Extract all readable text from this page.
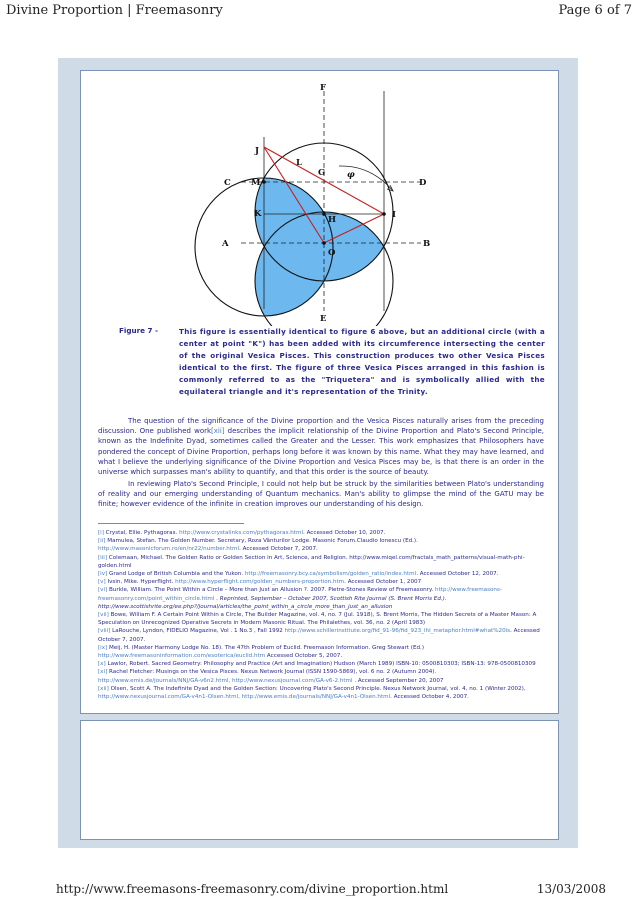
Divine Proportion | Freemasonry	Page 6 of 7
F
J
L
G	φ
C M	D
K
H	I
A	B
O
E
Figure 7 -	This figure is essentially identical to figure 6 above, but an additional circle (with a center at point "K") has been added with its circumference intersecting the center of the original Vesica Pisces. This construction produces two other Vesica Pisces identical to the first. The figure of three Vesica Pisces arranged in this fashion is commonly referred to as the "Triquetera" and is symbolically allied with the equilateral triangle and it's representation of the Trinity.

The question of the significance of the Divine proportion and the Vesica Pisces naturally arises from the preceding discussion. One published work[xii] describes the implicit relationship of the Divine Proportion and Plato's Second Principle, known as the Indefinite Dyad, sometimes called the Greater and the Lesser. This work emphasizes that Philosophers have pondered the concept of Divine Proportion, perhaps long before it was known by this name. What they may have learned, and what I believe the underlying significance of the Divine Proportion and Vesica Pisces may be, is that there is an order in the universe which surpasses man's ability to quantify, and that this order is the source of beauty.

In reviewing Plato's Second Principle, I could not help but be struck by the similarities between Plato's understanding of reality and our emerging understanding of Quantum mechanics. Man's ability to glimpse the mind of the GATU may be finite; however evidence of the infinite in creation improves our understanding of his design.

[i] Crystal, Ellie. Pythagoras. http://www.crystalinks.com/pythagoras.html. Accessed October 10, 2007.

[ii] Mamulea, Stefan. The Golden Number. Secretary, Roza Vânturilor Lodge. Masonic Forum.Claudio Ionescu (Ed.).
http://www.masonicforum.ro/en/nr22/number.html. Accessed October 7, 2007.

[iii] Colemaan, Michael. The Golden Ratio or Golden Section in Art, Science, and Religion. http://www.miqel.com/fractals_math_patterns/visual-math-phi-golden.html

[iv] Grand Lodge of British Columbia and the Yukon. http://freemasonry.bcy.ca/symbolism/golden_ratio/index.html. Accessed October 12, 2007.

[v] Ivsin, Mike. Hyperflight. http://www.hyperflight.com/golden_numbers-proportion.htm. Accessed October 1, 2007

[vi] Burkle, William. The Point Within a Circle – More than Just an Allusion ?. 2007. Pietre-Stones Review of Freemasonry. http://www.freemasons-freemasonry.com/point_within_circle.html . Reprinted, September – October 2007, Scottish Rite Journal (S. Brent Morris Ed.). http://www.scottishrite.org/ee.php?/journal/articles/the_point_within_a_circle_more_than_just_an_allusion

[vii] Bowe, William F. A Certain Point Within a Circle, The Builder Magazine, vol. 4, no. 7 (Jul. 1918), S. Brent Morris, The Hidden Secrets of a Master Mason: A Speculation on Unrecognized Operative Secrets in Modern Masonic Ritual. The Philalethes, vol. 36, no. 2 (April 1983)

[viii] LaRouche, Lyndon, FIDELIO Magazine, Vol . 1 No.3 , Fall 1992 http://www.schillerinstitute.org/fid_91-96/fid_923_lhl_metaphor.html#what%20is. Accessed October 7, 2007.

[ix] Meij, H. (Master Harmony Lodge No. 18). The 47th Problem of Euclid. Freemason Information. Greg Stewart (Ed.)
http://www.freemasoninformation.com/esoterica/euclid.htm Accessed October 5, 2007.

[x] Lawlor, Robert. Sacred Geometry: Philosophy and Practice (Art and Imagination) Hudson (March 1989) ISBN-10: 0500810303; ISBN-13: 978-0500810309

[xi] Rachel Fletcher: Musings on the Vesica Pisces. Nexus Network Journal (ISSN 1590-5869), vol. 6 no. 2 (Autumn 2004).
http://www.emis.de/journals/NNJ/GA-v6n2.html, http://www.nexusjournal.com/GA-v6-2.html . Accessed September 20, 2007

[xii] Olsen, Scott A. The Indefinite Dyad and the Golden Section: Uncovering Plato's Second Principle. Nexus Network Journal, vol. 4, no. 1 (Winter 2002), http://www.nexusjournal.com/GA-v4n1-Olsen.html, http://www.emis.de/journals/NNJ/GA-v4n1-Olsen.html. Accessed October 4, 2007.

http://www.freemasons-freemasonry.com/divine_proportion.html	13/03/2008
